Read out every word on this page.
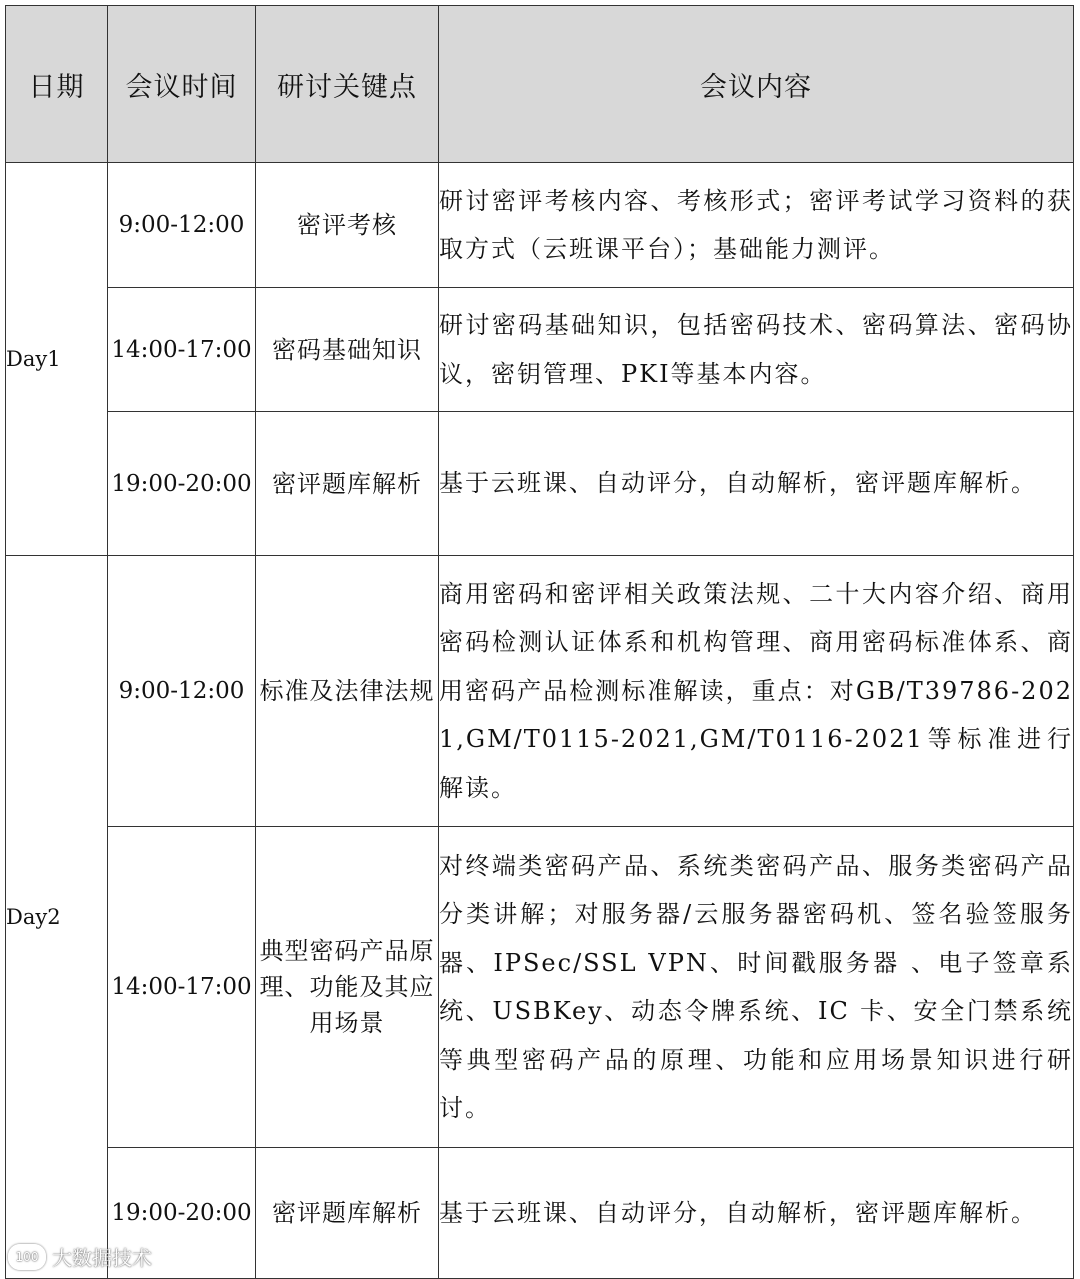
日期	会议时间	研讨关键点	会议内容
Day1	9:00-12:00	密评考核	研讨密评考核内容、考核形式；密评考试学习资料的获取方式（云班课平台）；基础能力测评。
	14:00-17:00	密码基础知识	研讨密码基础知识，包括密码技术、密码算法、密码协议，密钥管理、PKI等基本内容。
	19:00-20:00	密评题库解析	基于云班课、自动评分，自动解析，密评题库解析。
Day2	9:00-12:00	标准及法律法规	商用密码和密评相关政策法规、二十大内容介绍、商用密码检测认证体系和机构管理、商用密码标准体系、商用密码产品检测标准解读，重点：对GB/T39786-2021,GM/T0115-2021,GM/T0116-2021等标准进行解读。
	14:00-17:00	典型密码产品原理、功能及其应用场景	对终端类密码产品、系统类密码产品、服务类密码产品分类讲解；对服务器/云服务器密码机、签名验签服务器、IPSec/SSL VPN、时间戳服务器 、电子签章系统、USBKey、动态令牌系统、IC 卡、安全门禁系统等典型密码产品的原理、功能和应用场景知识进行研讨。
	19:00-20:00	密评题库解析	基于云班课、自动评分，自动解析，密评题库解析。
100 大数据技术
